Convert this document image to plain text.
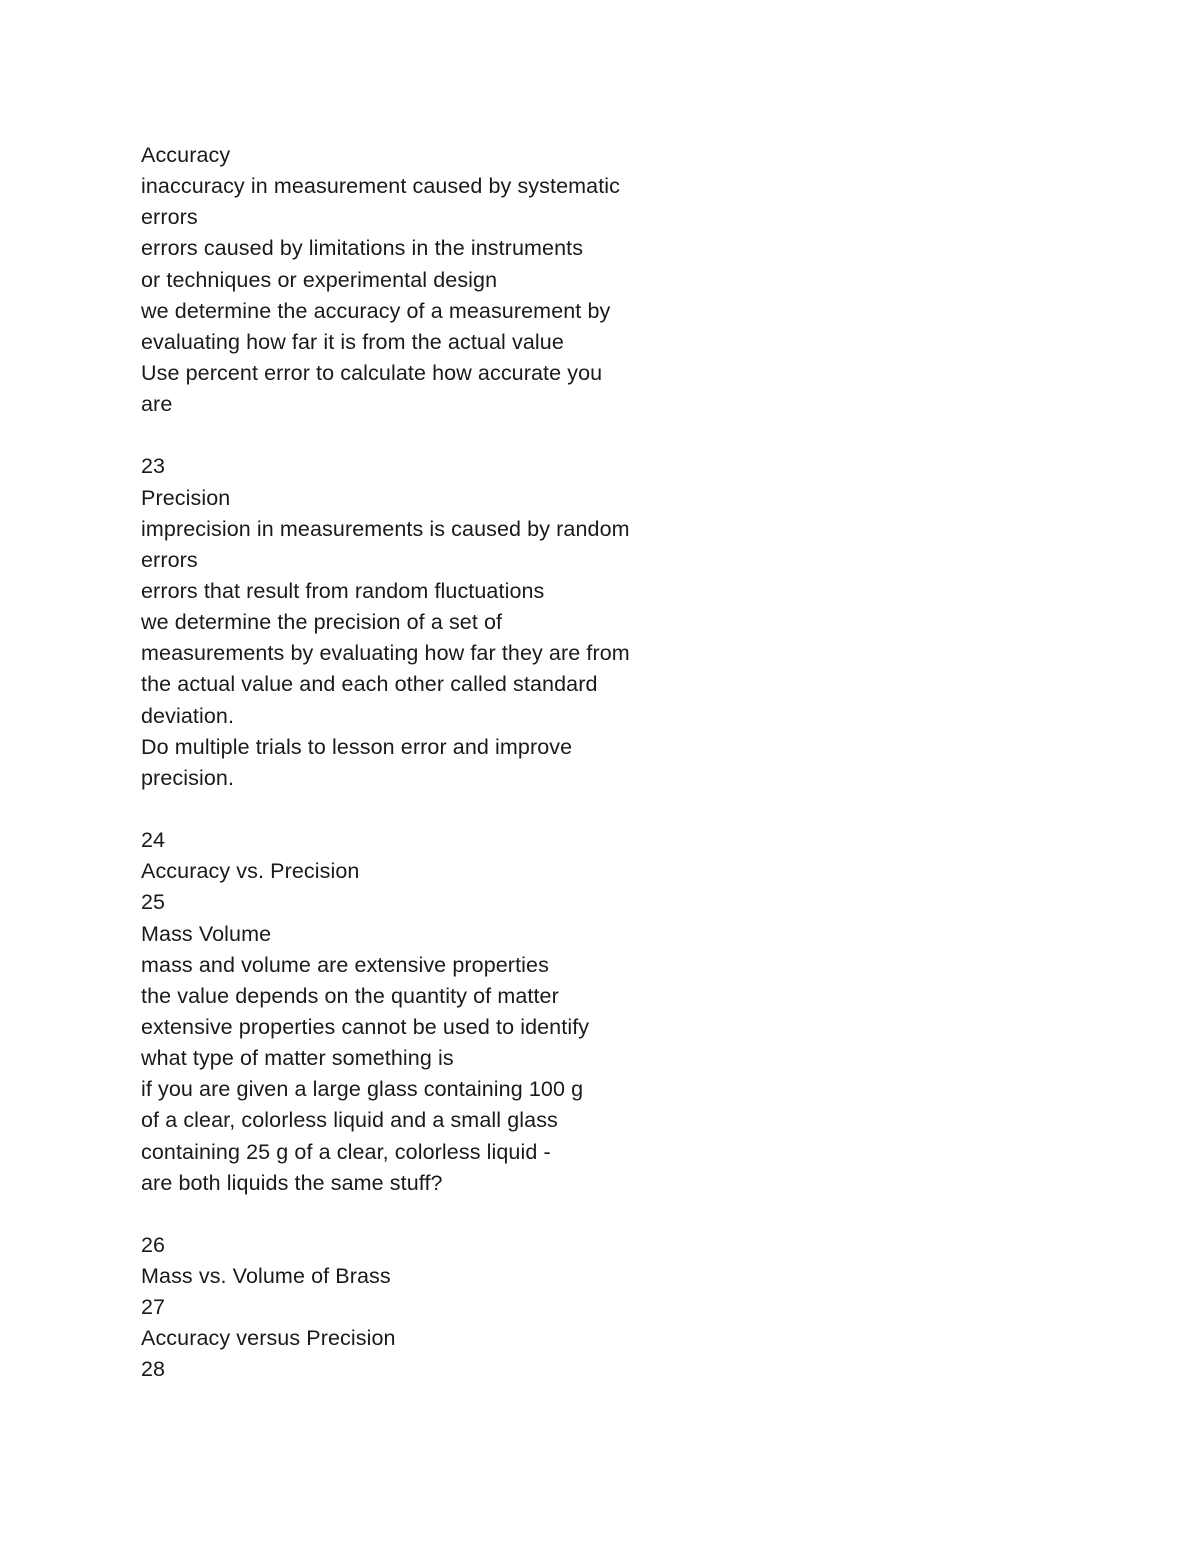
Accuracy
inaccuracy in measurement caused by systematic
errors
errors caused by limitations in the instruments
or techniques or experimental design
we determine the accuracy of a measurement by
evaluating how far it is from the actual value
Use percent error to calculate how accurate you
are
23
Precision
imprecision in measurements is caused by random
errors
errors that result from random fluctuations
we determine the precision of a set of
measurements by evaluating how far they are from
the actual value and each other called standard
deviation.
Do multiple trials to lesson error and improve
precision.
24
Accuracy vs. Precision
25
Mass Volume
mass and volume are extensive properties
the value depends on the quantity of matter
extensive properties cannot be used to identify
what type of matter something is
if you are given a large glass containing 100 g
of a clear, colorless liquid and a small glass
containing 25 g of a clear, colorless liquid -
are both liquids the same stuff?
26
Mass vs. Volume of Brass
27
Accuracy versus Precision
28
